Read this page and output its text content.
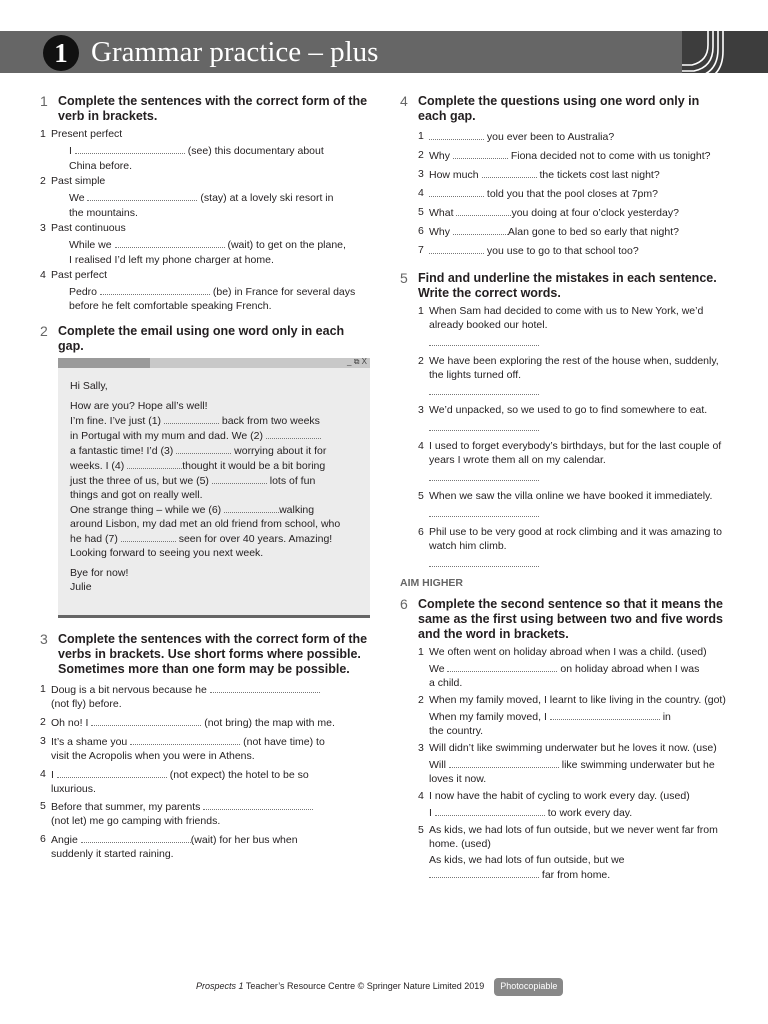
1 Grammar practice – plus
1 Complete the sentences with the correct form of the verb in brackets.
1 Present perfect
I	(see) this documentary about
China before.
2 Past simple
We	(stay) at a lovely ski resort in
the mountains.
3 Past continuous
While we	(wait) to get on the plane,
I realised I’d left my phone charger at home.
4 Past perfect
Pedro	(be) in France for several days
before he felt comfortable speaking French.
2 Complete the email using one word only in each gap.
_ ⧉ X

Hi Sally,

How are you? Hope all’s well!

I’m fine. I’ve just (1)	back from two weeks

in Portugal with my mum and dad. We (2)

a fantastic time! I’d (3)	worrying about it for

weeks. I (4)	thought it would be a bit boring

just the three of us, but we (5)	lots of fun

things and got on really well.

One strange thing – while we (6)	walking

around Lisbon, my dad met an old friend from school, who

he had (7)	seen for over 40 years. Amazing!

Looking forward to seeing you next week.

Bye for now!

Julie

3 Complete the sentences with the correct form of the verbs in brackets. Use short forms where possible. Sometimes more than one form may be possible.
1 Doug is a bit nervous because he
(not fly) before.
2 Oh no! I	(not bring) the map with me.
3 It’s a shame you	(not have time) to
visit the Acropolis when you were in Athens.
4 I	(not expect) the hotel to be so
luxurious.
5 Before that summer, my parents
(not let) me go camping with friends.
6 Angie	(wait) for her bus when
suddenly it started raining.
4 Complete the questions using one word only in each gap.
1	you ever been to Australia?
2 Why	Fiona decided not to come with us tonight?
3 How much	the tickets cost last night?
4	told you that the pool closes at 7pm?
5 What	you doing at four o’clock yesterday?
6 Why	Alan gone to bed so early that night?
7	you use to go to that school too?
5 Find and underline the mistakes in each sentence. Write the correct words.
1 When Sam had decided to come with us to New York, we’d already booked our hotel.
2 We have been exploring the rest of the house when, suddenly, the lights turned off.
3 We’d unpacked, so we used to go to find somewhere to eat.
4 I used to forget everybody’s birthdays, but for the last couple of years I wrote them all on my calendar.
5 When we saw the villa online we have booked it immediately.
6 Phil use to be very good at rock climbing and it was amazing to watch him climb.
AIM HIGHER
6 Complete the second sentence so that it means the same as the first using between two and five words and the word in brackets.
1 We often went on holiday abroad when I was a child. (used)
We	on holiday abroad when I was
a child.
2 When my family moved, I learnt to like living in the country. (got)
When my family moved, I	in
the country.
3 Will didn’t like swimming underwater but he loves it now. (use)
Will	like swimming underwater but he
loves it now.
4 I now have the habit of cycling to work every day. (used)
I	to work every day.
5 As kids, we had lots of fun outside, but we never went far from home. (used)
As kids, we had lots of fun outside, but we
far from home.
Prospects 1 Teacher’s Resource Centre © Springer Nature Limited 2019	Photocopiable
